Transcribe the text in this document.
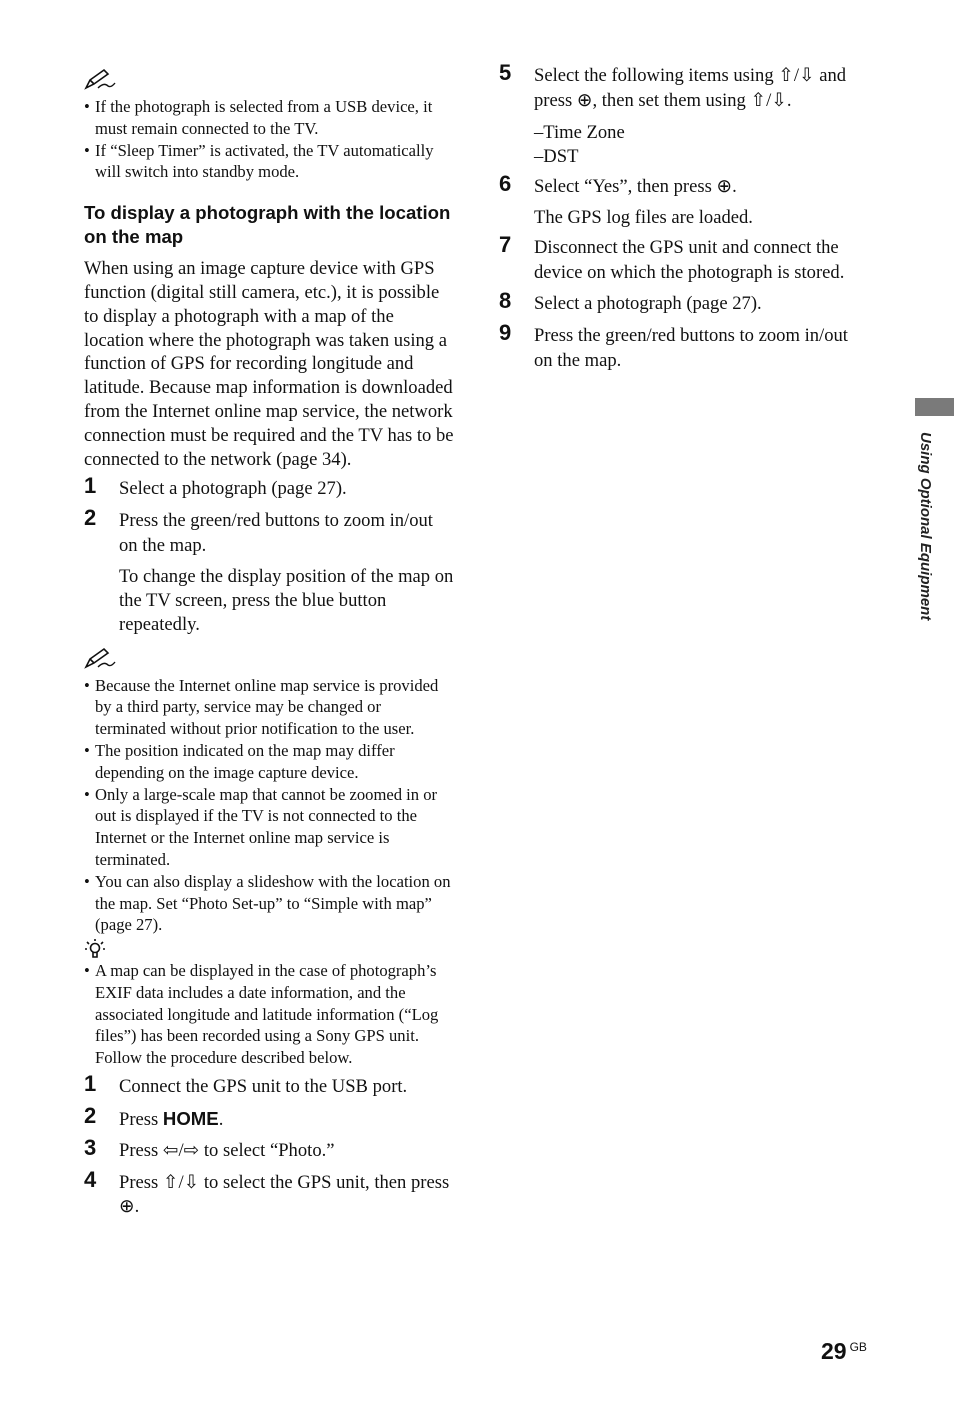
• If the photograph is selected from a USB device, it must remain connected to the TV.
• If “Sleep Timer” is activated, the TV automatically will switch into standby mode.
To display a photograph with the location on the map

When using an image capture device with GPS function (digital still camera, etc.), it is possible to display a photograph with a map of the location where the photograph was taken using a function of GPS for recording longitude and latitude. Because map information is downloaded from the Internet online map service, the network connection must be required and the TV has to be connected to the network (page 34).

1 Select a photograph (page 27).
2 Press the green/red buttons to zoom in/out on the map.

To change the display position of the map on the TV screen, press the blue button repeatedly.

• Because the Internet online map service is provided by a third party, service may be changed or terminated without prior notification to the user.
• The position indicated on the map may differ depending on the image capture device.
• Only a large-scale map that cannot be zoomed in or out is displayed if the TV is not connected to the Internet or the Internet online map service is terminated.
• You can also display a slideshow with the location on the map. Set “Photo Set-up” to “Simple with map” (page 27).
• A map can be displayed in the case of photograph’s EXIF data includes a date information, and the associated longitude and latitude information (“Log files”) has been recorded using a Sony GPS unit. Follow the procedure described below.
1 Connect the GPS unit to the USB port.
2 Press HOME.
3 Press ⇦/⇨ to select “Photo.”
4 Press ⇧/⇩ to select the GPS unit, then press ⊕.
5 Select the following items using ⇧/⇩ and press ⊕, then set them using ⇧/⇩.
–Time Zone
–DST
6 Select “Yes”, then press ⊕.

The GPS log files are loaded.

7 Disconnect the GPS unit and connect the device on which the photograph is stored.
8 Select a photograph (page 27).
9 Press the green/red buttons to zoom in/out on the map.
Using Optional Equipment
29 $^{GB}$
